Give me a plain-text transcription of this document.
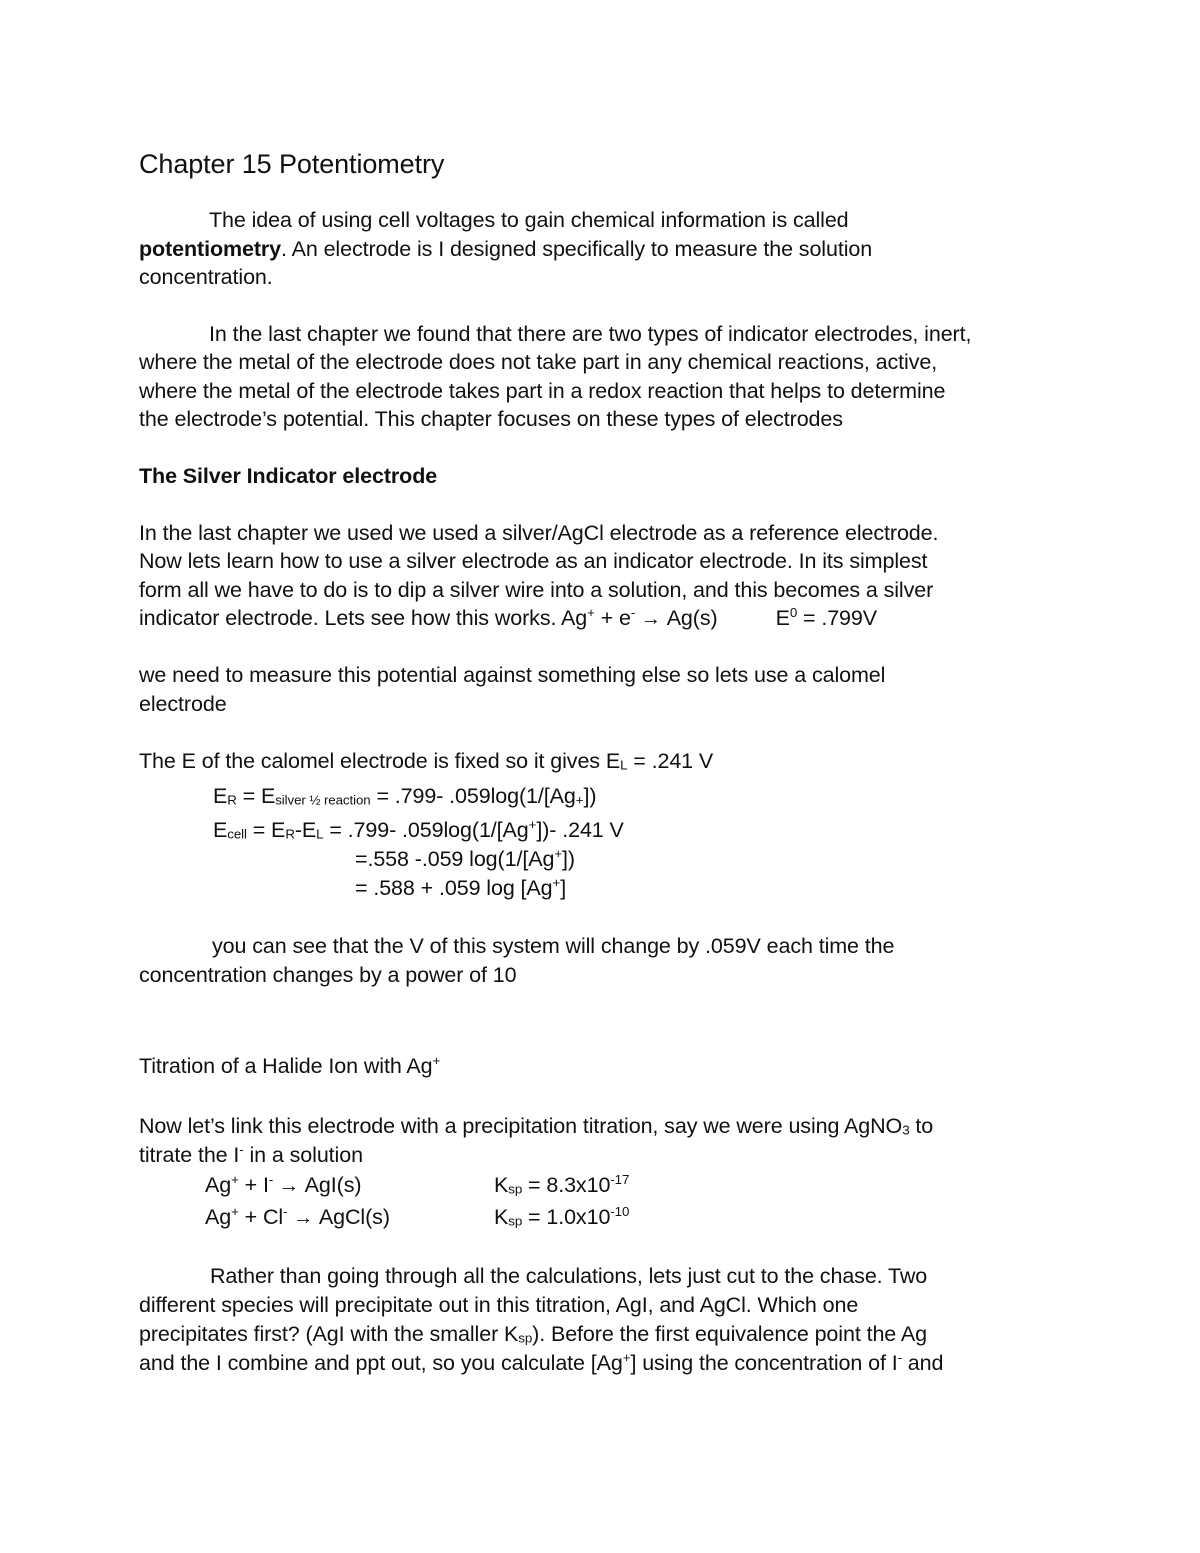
Chapter 15 Potentiometry
The idea of using cell voltages to gain chemical information is called
potentiometry. An electrode is I designed specifically to measure the solution
concentration.
In the last chapter we found that there are two types of indicator electrodes, inert,
where the metal of the electrode does not take part in any chemical reactions, active,
where the metal of the electrode takes part in a redox reaction that helps to determine
the electrode’s potential. This chapter focuses on these types of electrodes
The Silver Indicator electrode
In the last chapter we used we used a silver/AgCl electrode as a reference electrode.
Now lets learn how to use a silver electrode as an indicator electrode. In its simplest
form all we have to do is to dip a silver wire into a solution, and this becomes a silver
indicator electrode. Lets see how this works. Ag+ + e- → Ag(s)	$E^0 = .799V$
we need to measure this potential against something else so lets use a calomel
electrode
The E of the calomel electrode is fixed so it gives $E_L = .241$ V
$E_R = E_{silver \frac{1}{2} reaction} = .799-$ $.059\log(1/[Ag_+])$
$E_{cell} = E_R-E_L = .799-$ .059log(1/[Ag+])- .241 V
=.558 -.059 log(1/[Ag+])
= .588 + .059 log [Ag+]
you can see that the V of this system will change by .059V each time the
concentration changes by a power of 10
Titration of a Halide Ion with Ag+
Now let’s link this electrode with a precipitation titration, say we were using AgNO$_3$ to
titrate the I- in a solution
Ag+ + I- → AgI(s)	$K_{sp} = 8.3x10^{-17}$
Ag+ + Cl- → AgCl(s)	$K_{sp} = 1.0x10^{-10}$
Rather than going through all the calculations, lets just cut to the chase. Two
different species will precipitate out in this titration, AgI, and AgCl. Which one
precipitates first? (AgI with the smaller $K_{sp}$). Before the first equivalence point the Ag
and the I combine and ppt out, so you calculate [Ag+] using the concentration of I- and
